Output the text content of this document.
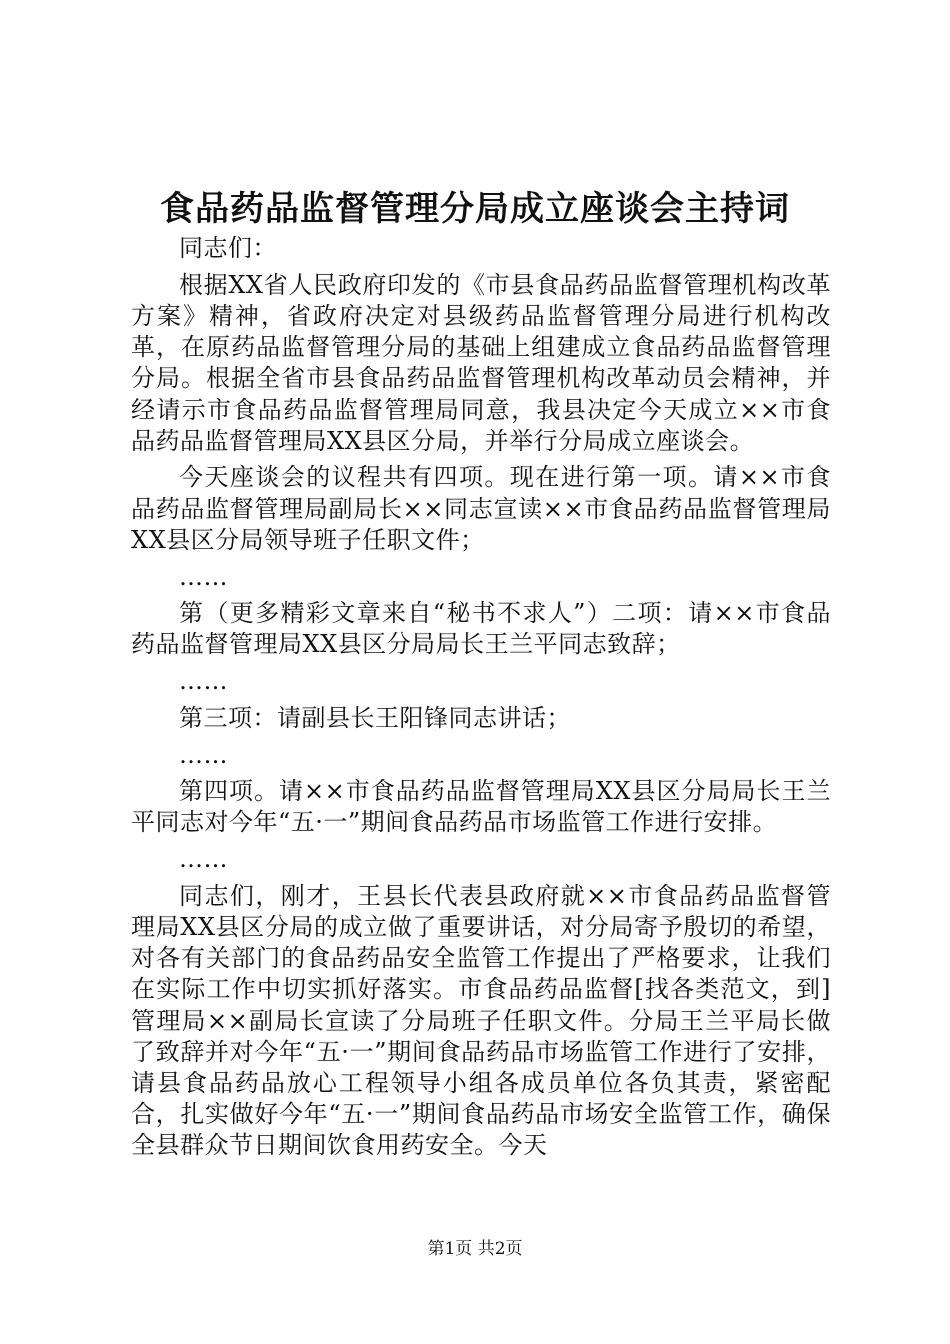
食品药品监督管理分局成立座谈会主持词

同志们：

根据XX省人民政府印发的《市县食品药品监督管理机构改革方案》精神，省政府决定对县级药品监督管理分局进行机构改革，在原药品监督管理分局的基础上组建成立食品药品监督管理分局。根据全省市县食品药品监督管理机构改革动员会精神，并经请示市食品药品监督管理局同意，我县决定今天成立××市食品药品监督管理局XX县区分局，并举行分局成立座谈会。

今天座谈会的议程共有四项。现在进行第一项。请××市食品药品监督管理局副局长××同志宣读××市食品药品监督管理局XX县区分局领导班子任职文件；

……

第（更多精彩文章来自“秘书不求人”）二项：请××市食品药品监督管理局XX县区分局局长王兰平同志致辞；

……

第三项：请副县长王阳锋同志讲话；

……

第四项。请××市食品药品监督管理局XX县区分局局长王兰平同志对今年“五·一”期间食品药品市场监管工作进行安排。

……

同志们，刚才，王县长代表县政府就××市食品药品监督管理局XX县区分局的成立做了重要讲话，对分局寄予殷切的希望，对各有关部门的食品药品安全监管工作提出了严格要求，让我们在实际工作中切实抓好落实。市食品药品监督[找各类范文，到]管理局××副局长宣读了分局班子任职文件。分局王兰平局长做了致辞并对今年“五·一”期间食品药品市场监管工作进行了安排，请县食品药品放心工程领导小组各成员单位各负其责，紧密配合，扎实做好今年“五·一”期间食品药品市场安全监管工作，确保全县群众节日期间饮食用药安全。今天

第1页 共2页
